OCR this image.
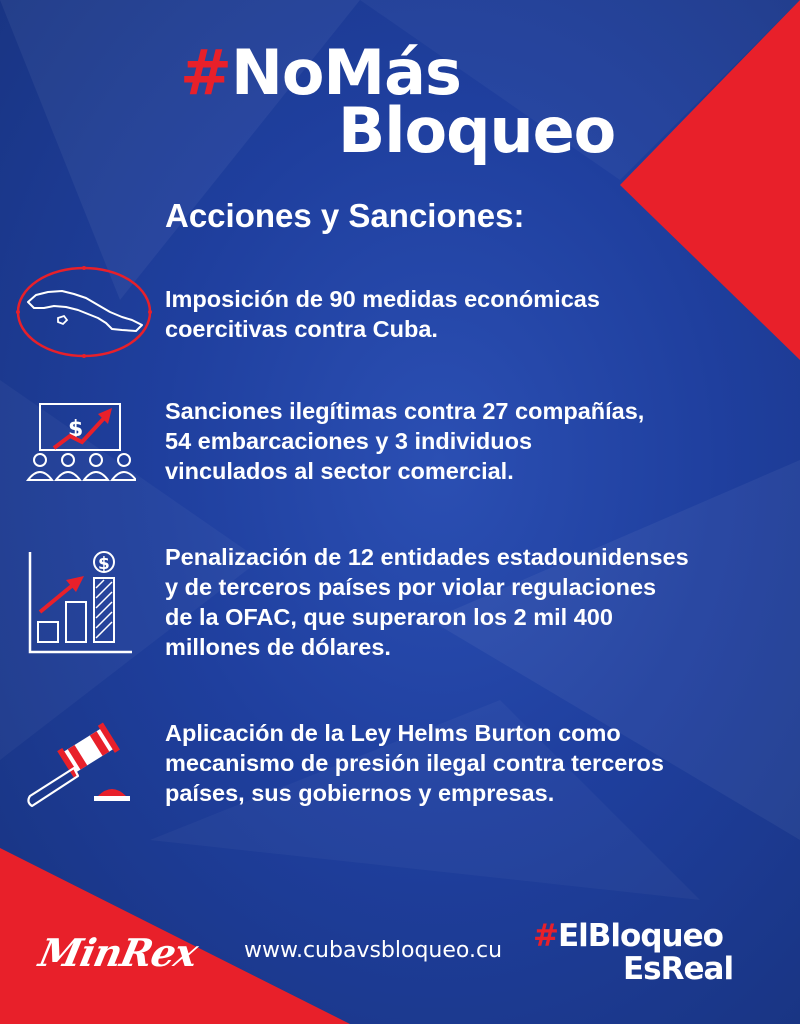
#NoMás
Bloqueo
Acciones y Sanciones:

Imposición de 90 medidas económicas
coercitivas contra Cuba.

$

Sanciones ilegítimas contra 27 compañías,
54 embarcaciones y 3 individuos
vinculados al sector comercial.

$ Penalización de 12 entidades estadounidenses
y de terceros países por violar regulaciones
de la OFAC, que superaron los 2 mil 400
millones de dólares.

Aplicación de la Ley Helms Burton como
mecanismo de presión ilegal contra terceros
países, sus gobiernos y empresas.

MinRex www.cubavsbloqueo.cu #ElBloqueo
EsReal
